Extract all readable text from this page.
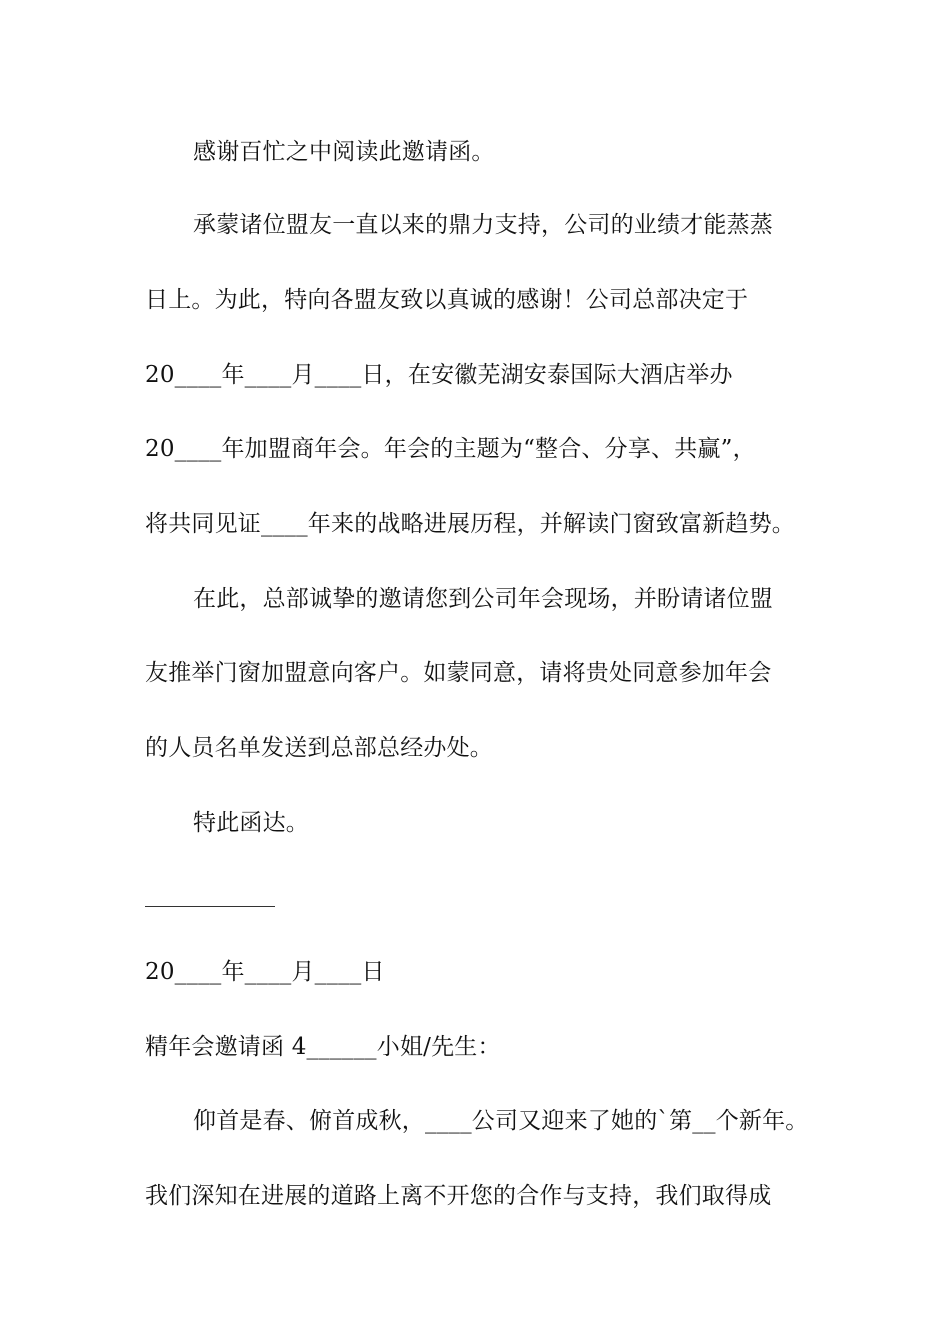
感谢百忙之中阅读此邀请函。
承蒙诸位盟友一直以来的鼎力支持，公司的业绩才能蒸蒸
日上。为此，特向各盟友致以真诚的感谢！公司总部决定于
20____年____月____日，在安徽芜湖安泰国际大酒店举办
20____年加盟商年会。年会的主题为“整合、分享、共赢”，
将共同见证____年来的战略进展历程，并解读门窗致富新趋势。
在此，总部诚挚的邀请您到公司年会现场，并盼请诸位盟
友推举门窗加盟意向客户。如蒙同意，请将贵处同意参加年会
的人员名单发送到总部总经办处。
特此函达。
20____年____月____日
精年会邀请函 4______小姐/先生：
仰首是春、俯首成秋，____公司又迎来了她的`第__个新年。
我们深知在进展的道路上离不开您的合作与支持，我们取得成
